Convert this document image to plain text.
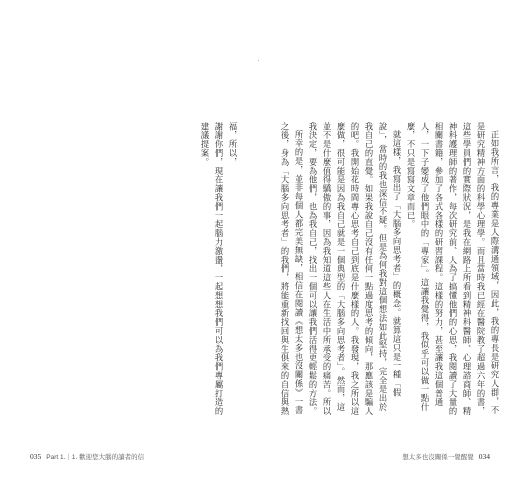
福，所以，

謝謝你們，現在讓我們一起腦力激盪，一起想想我們可以為我們專屬打造的建議提案。

035 Part 1.｜1. 歡迎您大腦的讀者的信

正如我所言，我的專業是人際溝通領域，因此，我的專長是研究人群，不是研究精神方面的科學心理學。而且當時我已經在醫院教了超過六年的書，這些學員們的實際狀況，是我在網路上所看到精神科醫師、心理諮商師、精神科護理師的著作，每次研究前、人為了搞懂他們的心思，我閱讀了大量的相關書籍，參加了各式各樣的研習課程。這樣的努力，甚至讓我這個普通人，一下子變成了他們眼中的「專家」。這讓我覺得，我似乎可以做一點什麼，不只是寫寫文章而已。

就這樣，我寫出了「大腦多向思考者」的概念。就算這只是一種「假說」，當時的我也深信不疑。但是為何我對這個想法如此堅持，完全是出於我自己的直覺。如果我說自己沒有任何一點過度思考的傾向，那應該是騙人的吧。我開始花時間專心思考自己到底是什麼樣的人。我發現，我之所以這麼做，很可能是因為我自己就是一個典型的「大腦多向思考者」。然而，這並不是什麼值得驕傲的事，因為我知道這些人在生活中所承受的痛苦。所以我決定，要為他們，也為我自己，找出一個可以讓我們活得更輕鬆的方法。

所幸的是，並非每個人都完美無缺，相信在閱讀《想太多也沒關係》一書之後，身為「大腦多向思考者」的我們，將能重新找回與生俱來的自信與熱

想太多也沒關係一覺醒覺 034
